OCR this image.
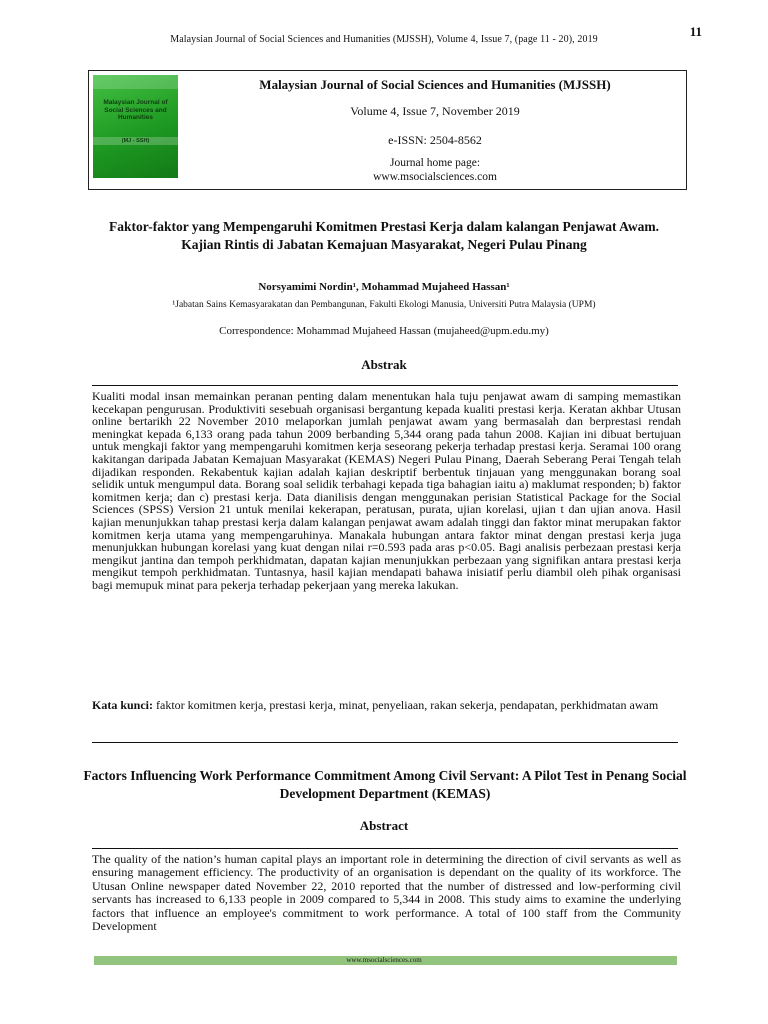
Malaysian Journal of Social Sciences and Humanities (MJSSH), Volume 4, Issue 7, (page 11 - 20), 2019
11
Malaysian Journal of Social Sciences and Humanities
(MJ - SSH)
Malaysian Journal of Social Sciences and Humanities (MJSSH)
Volume 4, Issue 7, November 2019
e-ISSN: 2504-8562
Journal home page:
www.msocialsciences.com
Faktor-faktor yang Mempengaruhi Komitmen Prestasi Kerja dalam kalangan Penjawat Awam. Kajian Rintis di Jabatan Kemajuan Masyarakat, Negeri Pulau Pinang
Norsyamimi Nordin¹, Mohammad Mujaheed Hassan¹
¹Jabatan Sains Kemasyarakatan dan Pembangunan, Fakulti Ekologi Manusia, Universiti Putra Malaysia (UPM)
Correspondence: Mohammad Mujaheed Hassan (mujaheed@upm.edu.my)
Abstrak

Kualiti modal insan memainkan peranan penting dalam menentukan hala tuju penjawat awam di samping memastikan kecekapan pengurusan. Produktiviti sesebuah organisasi bergantung kepada kualiti prestasi kerja. Keratan akhbar Utusan online bertarikh 22 November 2010 melaporkan jumlah penjawat awam yang bermasalah dan berprestasi rendah meningkat kepada 6,133 orang pada tahun 2009 berbanding 5,344 orang pada tahun 2008. Kajian ini dibuat bertujuan untuk mengkaji faktor yang mempengaruhi komitmen kerja seseorang pekerja terhadap prestasi kerja. Seramai 100 orang kakitangan daripada Jabatan Kemajuan Masyarakat (KEMAS) Negeri Pulau Pinang, Daerah Seberang Perai Tengah telah dijadikan responden. Rekabentuk kajian adalah kajian deskriptif berbentuk tinjauan yang menggunakan borang soal selidik untuk mengumpul data. Borang soal selidik terbahagi kepada tiga bahagian iaitu a) maklumat responden; b) faktor komitmen kerja; dan c) prestasi kerja. Data dianilisis dengan menggunakan perisian Statistical Package for the Social Sciences (SPSS) Version 21 untuk menilai kekerapan, peratusan, purata, ujian korelasi, ujian t dan ujian anova. Hasil kajian menunjukkan tahap prestasi kerja dalam kalangan penjawat awam adalah tinggi dan faktor minat merupakan faktor komitmen kerja utama yang mempengaruhinya. Manakala hubungan antara faktor minat dengan prestasi kerja juga menunjukkan hubungan korelasi yang kuat dengan nilai r=0.593 pada aras p<0.05. Bagi analisis perbezaan prestasi kerja mengikut jantina dan tempoh perkhidmatan, dapatan kajian menunjukkan perbezaan yang signifikan antara prestasi kerja mengikut tempoh perkhidmatan. Tuntasnya, hasil kajian mendapati bahawa inisiatif perlu diambil oleh pihak organisasi bagi memupuk minat para pekerja terhadap pekerjaan yang mereka lakukan.

Kata kunci: faktor komitmen kerja, prestasi kerja, minat, penyeliaan, rakan sekerja, pendapatan, perkhidmatan awam

Factors Influencing Work Performance Commitment Among Civil Servant: A Pilot Test in Penang Social Development Department (KEMAS)
Abstract

The quality of the nation’s human capital plays an important role in determining the direction of civil servants as well as ensuring management efficiency. The productivity of an organisation is dependant on the quality of its workforce. The Utusan Online newspaper dated November 22, 2010 reported that the number of distressed and low-performing civil servants has increased to 6,133 people in 2009 compared to 5,344 in 2008. This study aims to examine the underlying factors that influence an employee's commitment to work performance. A total of 100 staff from the Community Development

www.msocialsciences.com
